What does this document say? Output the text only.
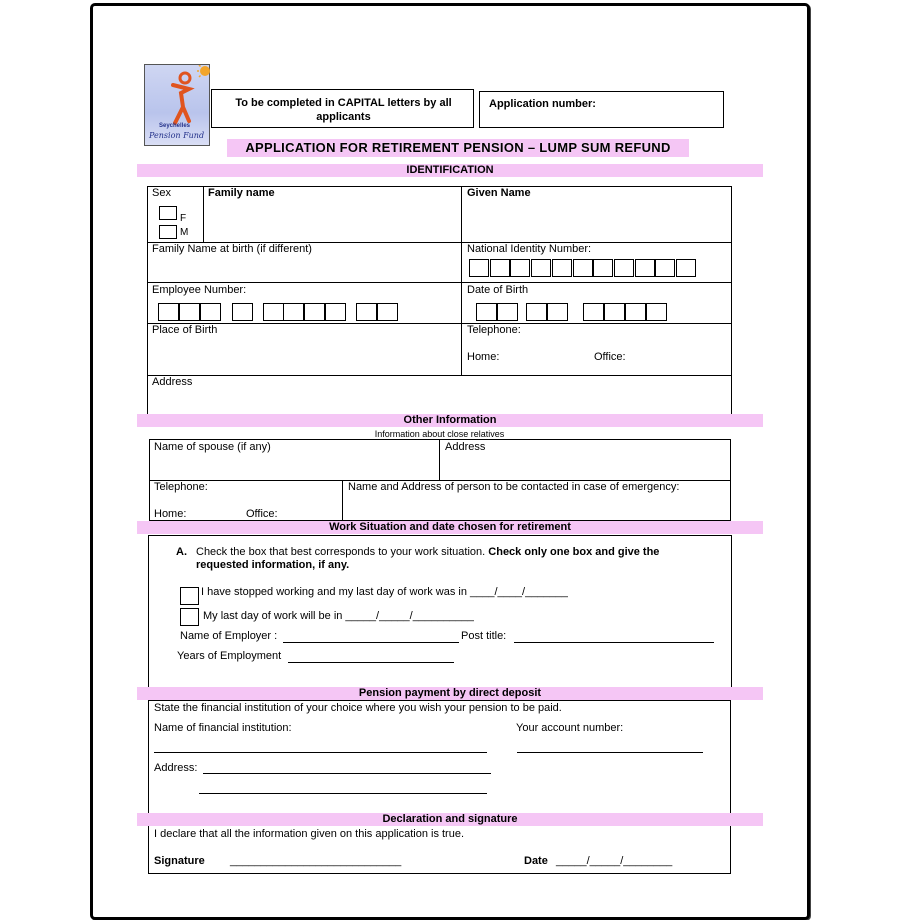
Seychelles
Pension Fund
To be completed in CAPITAL letters by all applicants
Application number:
APPLICATION FOR RETIREMENT PENSION – LUMP SUM REFUND
IDENTIFICATION
Sex
F
M
Family name	Given Name
Family Name at birth (if different)	National Identity Number:
Employee Number:	Date of Birth
Place of Birth	Telephone:
Home:	Office:
Address
Other Information
Information about close relatives
Name of spouse (if any)	Address
Telephone:
Home:	Office:
Name and Address of person to be contacted in case of emergency:
Work Situation and date chosen for retirement
A. Check the box that best corresponds to your work situation. Check only one box and give the
requested information, if any.
I have stopped working and my last day of work was in ____/____/_______
My last day of work will be in _____/_____/__________
Name of Employer :	Post title:
Years of Employment
Pension payment by direct deposit
State the financial institution of your choice where you wish your pension to be paid.
Name of financial institution:	Your account number:
Address:
Declaration and signature
I declare that all the information given on this application is true.
Signature ____________________________	Date _____/_____/________
